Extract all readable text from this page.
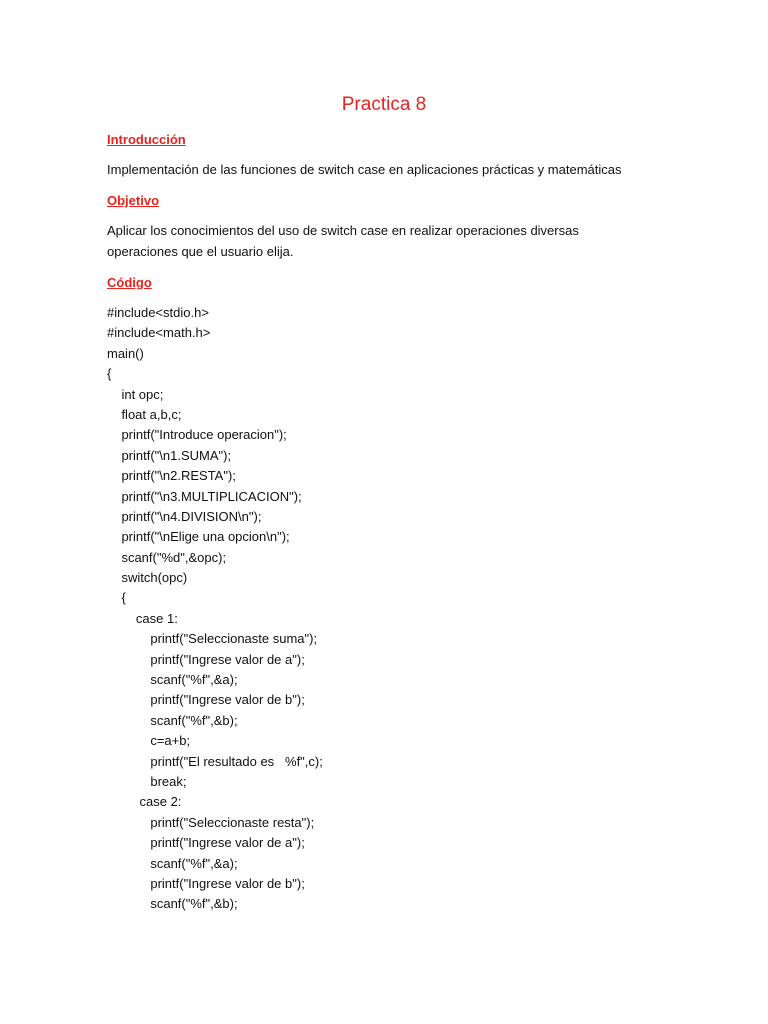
Practica 8
Introducción
Implementación de las funciones de switch case en aplicaciones prácticas y matemáticas
Objetivo
Aplicar los conocimientos del uso de switch case en realizar operaciones diversas
operaciones que el usuario elija.
Código
#include<stdio.h>
#include<math.h>
main()
{
int opc;
float a,b,c;
printf("Introduce operacion");
printf("\n1.SUMA");
printf("\n2.RESTA");
printf("\n3.MULTIPLICACION");
printf("\n4.DIVISION\n");
printf("\nElige una opcion\n");
scanf("%d",&opc);
switch(opc)
{
case 1:
printf("Seleccionaste suma");
printf("Ingrese valor de a");
scanf("%f",&a);
printf("Ingrese valor de b");
scanf("%f",&b);
c=a+b;
printf("El resultado es   %f",c);
break;
case 2:
printf("Seleccionaste resta");
printf("Ingrese valor de a");
scanf("%f",&a);
printf("Ingrese valor de b");
scanf("%f",&b);
